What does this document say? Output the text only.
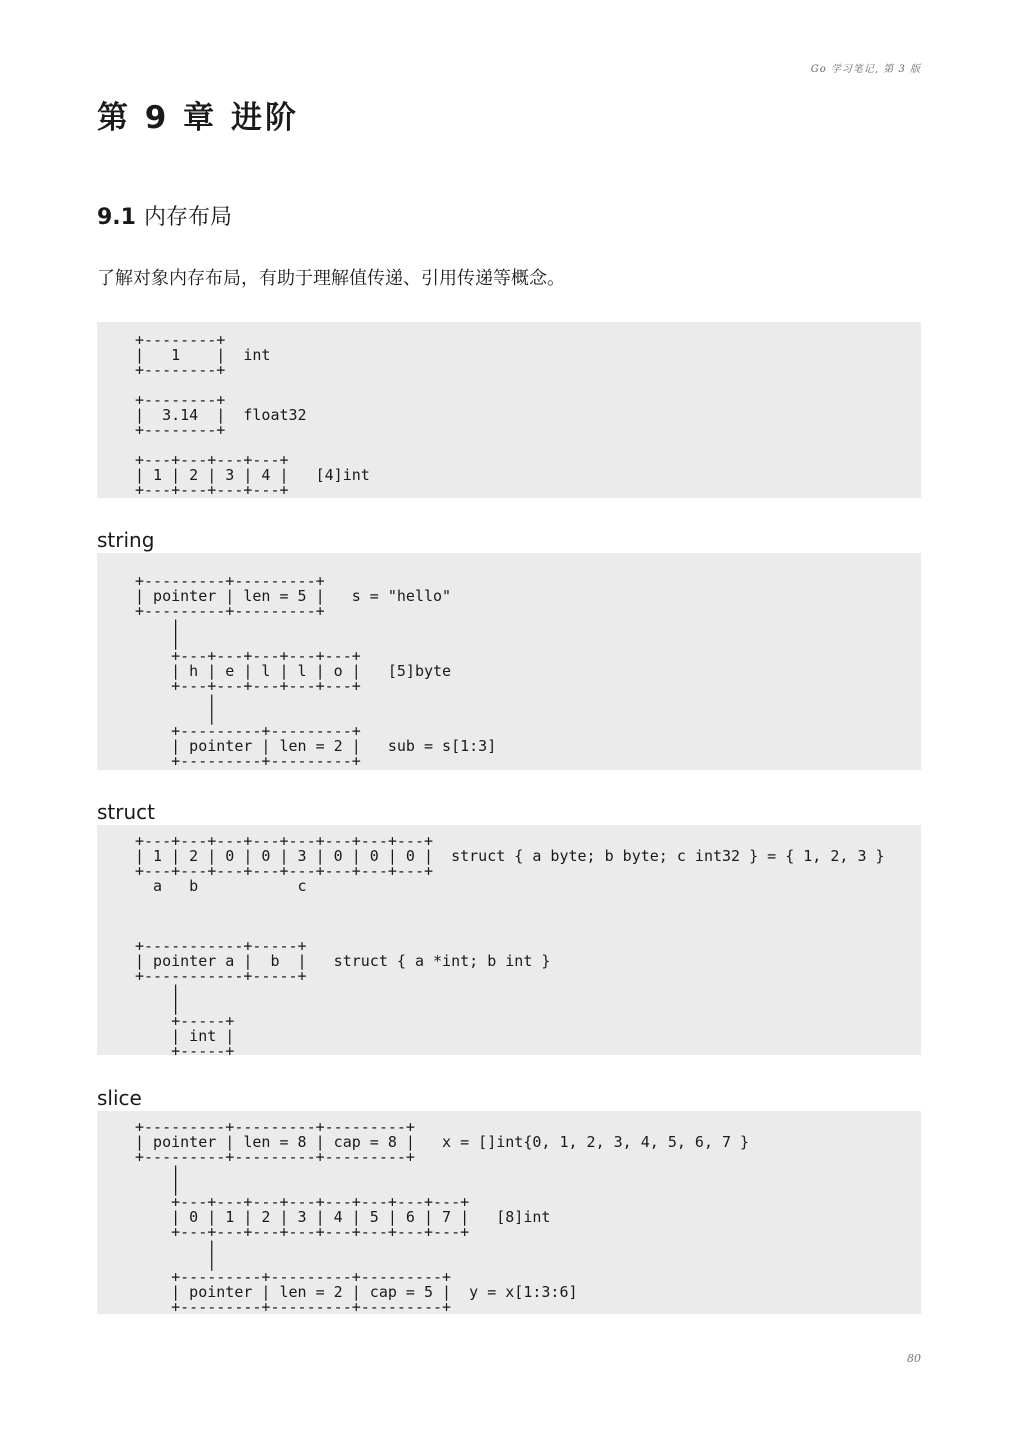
Go 学习笔记, 第 3 版
第 9 章 进阶
9.1 内存布局

了解对象内存布局，有助于理解值传递、引用传递等概念。

+--------+
|   1    |  int
+--------+

+--------+
|  3.14  |  float32
+--------+

+---+---+---+---+
| 1 | 2 | 3 | 4 |   [4]int
+---+---+---+---+
string
+---------+---------+
| pointer | len = 5 |   s = "hello"
+---------+---------+
|
|
+---+---+---+---+---+
| h | e | l | l | o |   [5]byte
+---+---+---+---+---+
|
|
+---------+---------+
| pointer | len = 2 |   sub = s[1:3]
+---------+---------+
struct
+---+---+---+---+---+---+---+---+
| 1 | 2 | 0 | 0 | 3 | 0 | 0 | 0 |  struct { a byte; b byte; c int32 } = { 1, 2, 3 }
+---+---+---+---+---+---+---+---+
a   b           c

+-----------+-----+
| pointer a |  b  |   struct { a *int; b int }
+-----------+-----+
|
|
+-----+
| int |
+-----+
slice
+---------+---------+---------+
| pointer | len = 8 | cap = 8 |   x = []int{0, 1, 2, 3, 4, 5, 6, 7 }
+---------+---------+---------+
|
|
+---+---+---+---+---+---+---+---+
| 0 | 1 | 2 | 3 | 4 | 5 | 6 | 7 |   [8]int
+---+---+---+---+---+---+---+---+
|
|
+---------+---------+---------+
| pointer | len = 2 | cap = 5 |  y = x[1:3:6]
+---------+---------+---------+
80
